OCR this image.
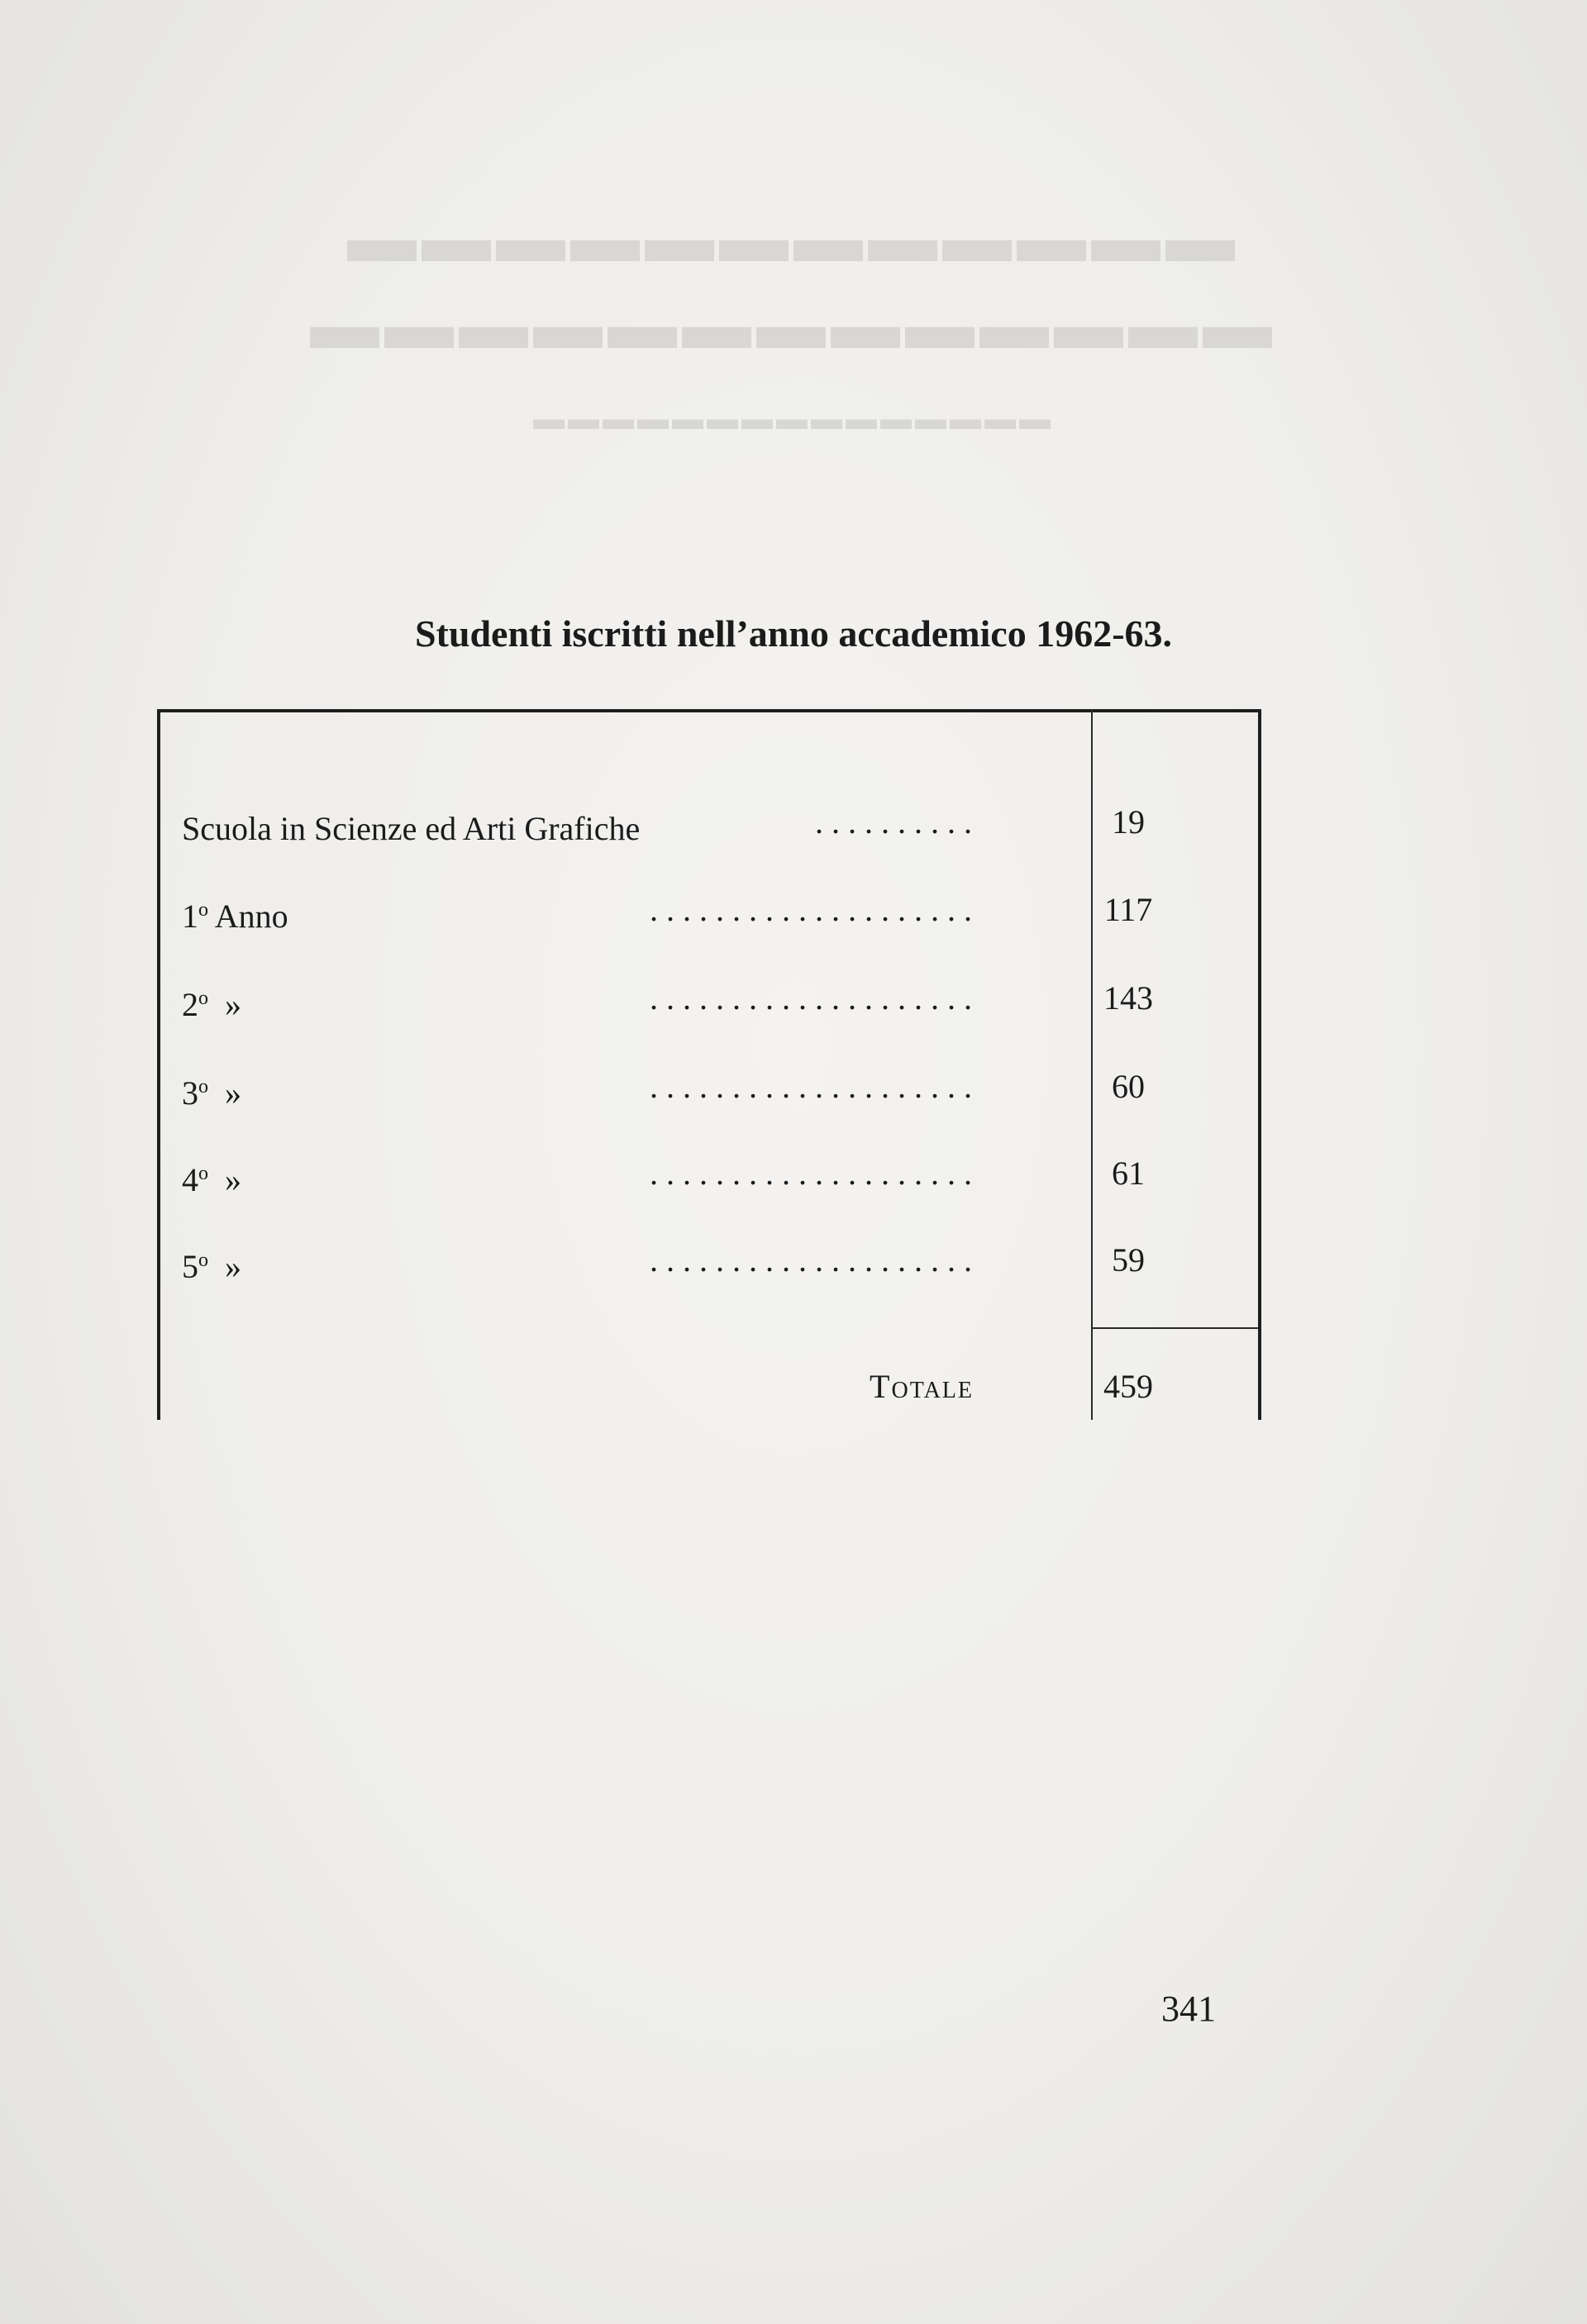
▬▬▬▬▬▬▬▬▬▬▬▬
▬▬▬▬▬▬▬▬▬▬▬▬▬
▬▬▬▬▬▬▬▬▬▬▬▬▬▬▬
Studenti iscritti nell’anno accademico 1962-63.
Scuola in Scienze ed Arti Grafiche	..........	19
1$^o$ Anno	....................	117
2$^o$  »	....................	143
3$^o$  »	....................	60
4$^o$  »	....................	61
5$^o$  »	....................	59
Totale	459
341
